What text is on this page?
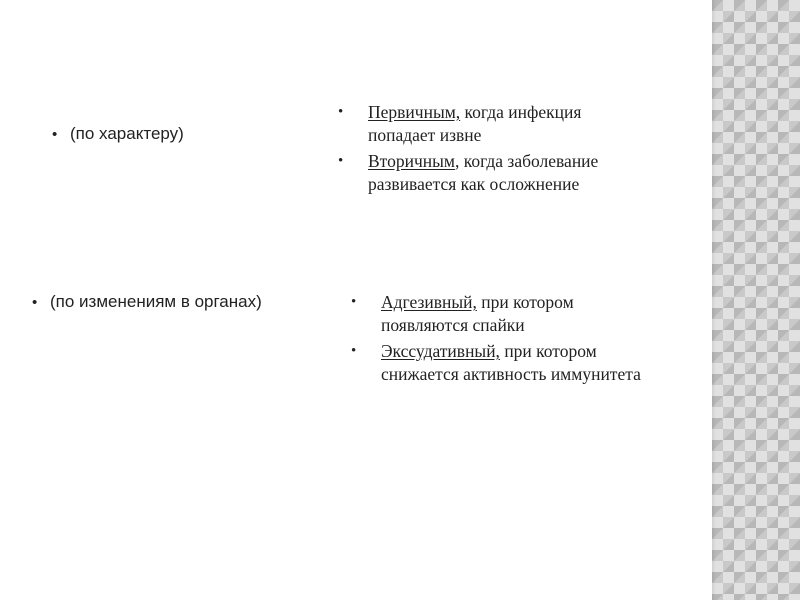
• (по характеру)
•	Первичным, когда инфекция
попадает извне
•	Вторичным, когда заболевание
развивается как осложнение
• (по изменениям в органах)	•	Адгезивный, при котором
появляются спайки
•	Экссудативный, при котором
снижается активность иммунитета
